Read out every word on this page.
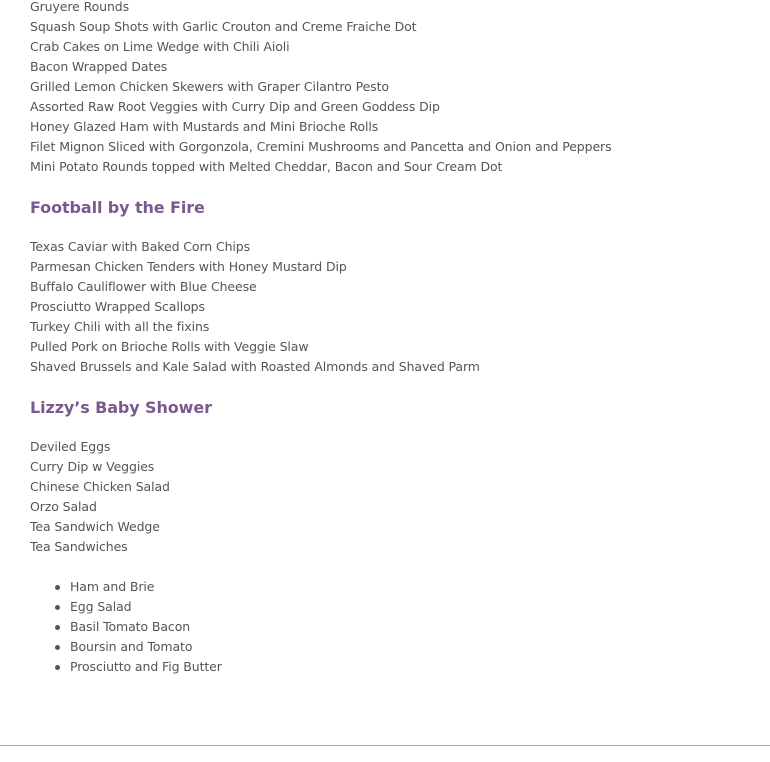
Gruyere Rounds
Squash Soup Shots with Garlic Crouton and Creme Fraiche Dot
Crab Cakes on Lime Wedge with Chili Aioli
Bacon Wrapped Dates
Grilled Lemon Chicken Skewers with Graper Cilantro Pesto
Assorted Raw Root Veggies with Curry Dip and Green Goddess Dip
Honey Glazed Ham with Mustards and Mini Brioche Rolls
Filet Mignon Sliced with Gorgonzola, Cremini Mushrooms and Pancetta and Onion and Peppers
Mini Potato Rounds topped with Melted Cheddar, Bacon and Sour Cream Dot
Football by the Fire
Texas Caviar with Baked Corn Chips
Parmesan Chicken Tenders with Honey Mustard Dip
Buffalo Cauliflower with Blue Cheese
Prosciutto Wrapped Scallops
Turkey Chili with all the fixins
Pulled Pork on Brioche Rolls with Veggie Slaw
Shaved Brussels and Kale Salad with Roasted Almonds and Shaved Parm
Lizzy’s Baby Shower
Deviled Eggs
Curry Dip w Veggies
Chinese Chicken Salad
Orzo Salad
Tea Sandwich Wedge
Tea Sandwiches
Ham and Brie
Egg Salad
Basil Tomato Bacon
Boursin and Tomato
Prosciutto and Fig Butter
